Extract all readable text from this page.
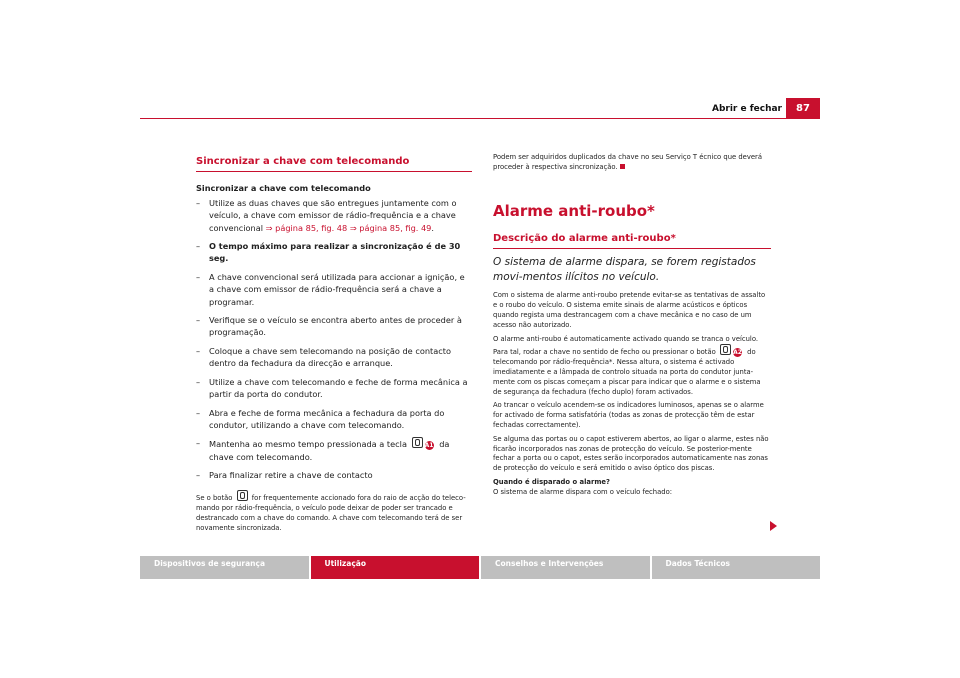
Abrir e fechar	87
Sincronizar a chave com telecomando
Sincronizar a chave com telecomando
– Utilize as duas chaves que são entregues juntamente com o veículo, a chave com emissor de rádio-frequência e a chave convencional ⇒ página 85, fig. 48 ⇒ página 85, fig. 49.
– O tempo máximo para realizar a sincronização é de 30 seg.
– A chave convencional será utilizada para accionar a ignição, e a chave com emissor de rádio-frequência será a chave a programar.
– Verifique se o veículo se encontra aberto antes de proceder à programação.
– Coloque a chave sem telecomando na posição de contacto dentro da fechadura da direcção e arranque.
– Utilize a chave com telecomando e feche de forma mecânica a partir da porta do condutor.
– Abra e feche de forma mecânica a fechadura da porta do condutor, utilizando a chave com telecomando.
– Mantenha ao mesmo tempo pressionada a tecla	A1 da chave com telecomando.
– Para finalizar retire a chave de contacto
Se o botão	for frequentemente accionado fora do raio de acção do teleco-mando por rádio-frequência, o veículo pode deixar de poder ser trancado e destrancado com a chave do comando. A chave com telecomando terá de ser novamente sincronizada.
Podem ser adquiridos duplicados da chave no seu Serviço T écnico que deverá proceder à respectiva sincronização.
Alarme anti-roubo*
Descrição do alarme anti-roubo*
O sistema de alarme dispara, se forem registados movi-mentos ilícitos no veículo.
Com o sistema de alarme anti-roubo pretende evitar-se as tentativas de assalto e o roubo do veículo. O sistema emite sinais de alarme acústicos e ópticos quando regista uma destrancagem com a chave mecânica e no caso de um acesso não autorizado.
O alarme anti-roubo é automaticamente activado quando se tranca o veículo. Para tal, rodar a chave no sentido de fecho ou pressionar o botão	A2 do telecomando por rádio-frequência*. Nessa altura, o sistema é activado imediatamente e a lâmpada de controlo situada na porta do condutor junta-mente com os piscas começam a piscar para indicar que o alarme e o sistema de segurança da fechadura (fecho duplo) foram activados.
Ao trancar o veículo acendem-se os indicadores luminosos, apenas se o alarme for activado de forma satisfatória (todas as zonas de protecção têm de estar fechadas correctamente).
Se alguma das portas ou o capot estiverem abertos, ao ligar o alarme, estes não ficarão incorporados nas zonas de protecção do veículo. Se posterior-mente fechar a porta ou o capot, estes serão incorporados automaticamente nas zonas de protecção do veículo e será emitido o aviso óptico dos piscas.
Quando é disparado o alarme?
O sistema de alarme dispara com o veículo fechado:
Dispositivos de segurança	Utilização	Conselhos e Intervenções	Dados Técnicos
